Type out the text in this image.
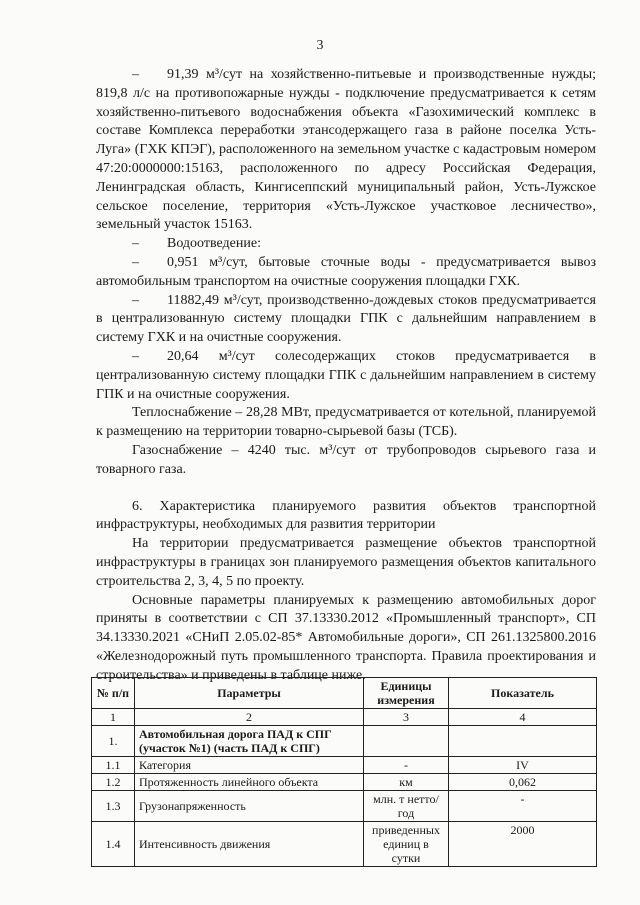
3

–  91,39 м³/сут на хозяйственно-питьевые и производственные нужды; 819,8 л/с на противопожарные нужды - подключение предусматривается к сетям хозяйственно-питьевого водоснабжения объекта «Газохимический комплекс в составе Комплекса переработки этансодержащего газа в районе поселка Усть-Луга» (ГХК КПЭГ), расположенного на земельном участке с кадастровым номером 47:20:0000000:15163, расположенного по адресу Российская Федерация, Ленинградская область, Кингисеппский муниципальный район, Усть-Лужское сельское поселение, территория «Усть-Лужское участковое лесничество», земельный участок 15163.

–  Водоотведение:

–  0,951 м³/сут, бытовые сточные воды - предусматривается вывоз автомобильным транспортом на очистные сооружения площадки ГХК.

–  11882,49 м³/сут, производственно-дождевых стоков предусматривается в централизованную систему площадки ГПК с дальнейшим направлением в систему ГХК и на очистные сооружения.

–  20,64 м³/сут солесодержащих стоков предусматривается в централизованную систему площадки ГПК с дальнейшим направлением в систему ГПК и на очистные сооружения.

Теплоснабжение – 28,28 МВт, предусматривается от котельной, планируемой к размещению на территории товарно-сырьевой базы (ТСБ).

Газоснабжение – 4240 тыс. м³/сут от трубопроводов сырьевого газа и товарного газа.

6. Характеристика планируемого развития объектов транспортной инфраструктуры, необходимых для развития территории

На территории предусматривается размещение объектов транспортной инфраструктуры в границах зон планируемого размещения объектов капитального строительства 2, 3, 4, 5 по проекту.

Основные параметры планируемых к размещению автомобильных дорог приняты в соответствии с СП 37.13330.2012 «Промышленный транспорт», СП 34.13330.2021 «СНиП 2.05.02-85* Автомобильные дороги», СП 261.1325800.2016 «Железнодорожный путь промышленного транспорта. Правила проектирования и строительства» и приведены в таблице ниже.

№ п/п	Параметры	Единицы измерения	Показатель
1	2	3	4
1.	Автомобильная дорога ПАД к СПГ (участок №1) (часть ПАД к СПГ)		
1.1	Категория	-	IV
1.2	Протяженность линейного объекта	км	0,062
1.3	Грузонапряженность	млн. т нетто/год	-
1.4	Интенсивность движения	приведенных единиц в сутки	2000
